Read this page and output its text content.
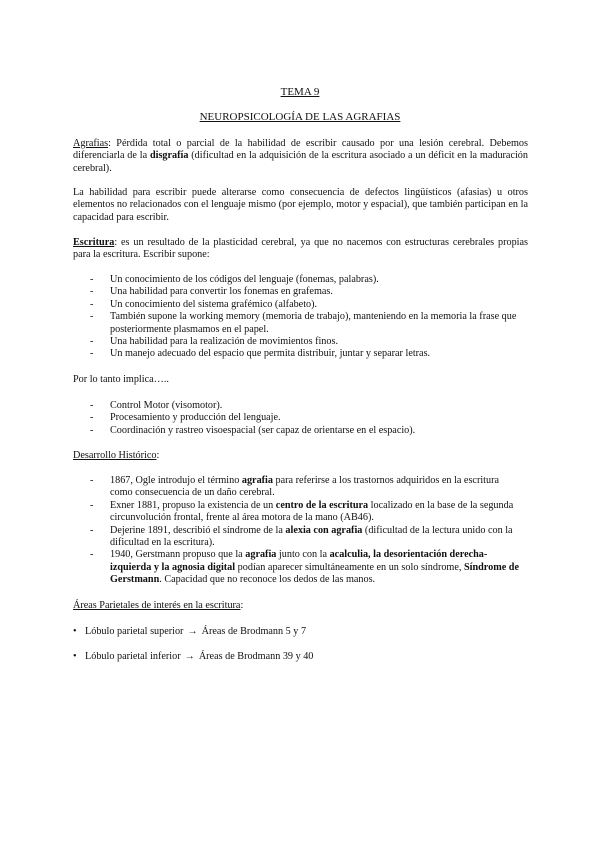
TEMA 9
NEUROPSICOLOGÍA DE LAS AGRAFIAS
Agrafias: Pérdida total o parcial de la habilidad de escribir causado por una lesión cerebral. Debemos diferenciarla de la disgrafía (dificultad en la adquisición de la escritura asociado a un déficit en la maduración cerebral).
La habilidad para escribir puede alterarse como consecuencia de defectos lingüísticos (afasias) u otros elementos no relacionados con el lenguaje mismo (por ejemplo, motor y espacial), que también participan en la capacidad para escribir.
Escritura: es un resultado de la plasticidad cerebral, ya que no nacemos con estructuras cerebrales propias para la escritura. Escribir supone:
- Un conocimiento de los códigos del lenguaje (fonemas, palabras).
- Una habilidad para convertir los fonemas en grafemas.
- Un conocimiento del sistema grafémico (alfabeto).
- También supone la working memory (memoria de trabajo), manteniendo en la memoria la frase que posteriormente plasmamos en el papel.
- Una habilidad para la realización de movimientos finos.
- Un manejo adecuado del espacio que permita distribuir, juntar y separar letras.
Por lo tanto implica…..
- Control Motor (visomotor).
- Procesamiento y producción del lenguaje.
- Coordinación y rastreo visoespacial (ser capaz de orientarse en el espacio).
Desarrollo Histórico:
- 1867, Ogle introdujo el término agrafia para referirse a los trastornos adquiridos en la escritura como consecuencia de un daño cerebral.
- Exner 1881, propuso la existencia de un centro de la escritura localizado en la base de la segunda circunvolución frontal, frente al área motora de la mano (AB46).
- Dejerine 1891, describió el síndrome de la alexia con agrafia (dificultad de la lectura unido con la dificultad en la escritura).
- 1940, Gerstmann propuso que la agrafia junto con la acalculia, la desorientación derecha-izquierda y la agnosia digital podían aparecer simultáneamente en un solo síndrome, Síndrome de Gerstmann. Capacidad que no reconoce los dedos de las manos.
Áreas Parietales de interés en la escritura:
• Lóbulo parietal superior → Áreas de Brodmann 5 y 7
• Lóbulo parietal inferior → Áreas de Brodmann 39 y 40
